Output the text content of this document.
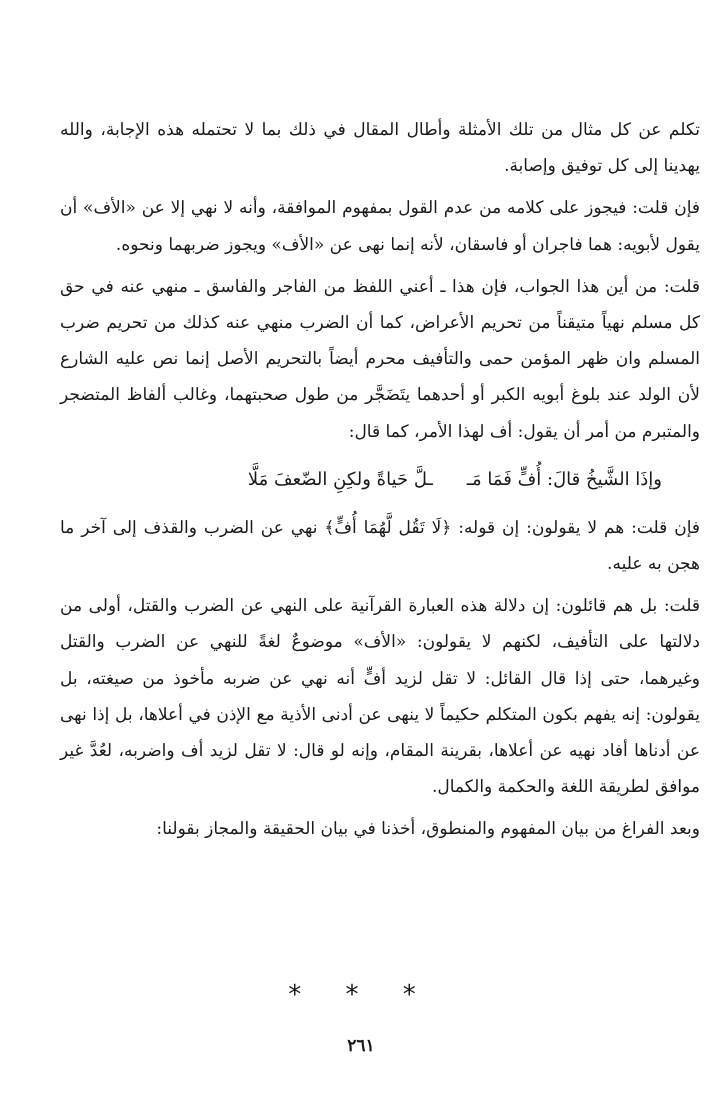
تكلم عن كل مثال من تلك الأمثلة وأطال المقال في ذلك بما لا تحتمله هذه الإجابة، والله يهدينا إلى كل توفيق وإصابة.

فإن قلت: فيجوز على كلامه من عدم القول بمفهوم الموافقة، وأنه لا نهي إلا عن «الأف» أن يقول لأبويه: هما فاجران أو فاسقان، لأنه إنما نهى عن «الأف» ويجوز ضربهما ونحوه.

قلت: من أين هذا الجواب، فإن هذا ـ أعني اللفظ من الفاجر والفاسق ـ منهي عنه في حق كل مسلم نهياً متيقناً من تحريم الأعراض، كما أن الضرب منهي عنه كذلك من تحريم ضرب المسلم وان ظهر المؤمن حمى والتأفيف محرم أيضاً بالتحريم الأصل إنما نص عليه الشارع لأن الولد عند بلوغ أبويه الكبر أو أحدهما يتَضَجَّر من طول صحبتهما، وغالب ألفاظ المتضجر والمتبرم من أمر أن يقول: أف لهذا الأمر، كما قال:

وإذَا الشَّيخُ قالَ: أُفٍّ فَمَا مَـ
ـلَّ حَياةً ولكِنِ الضّعفَ مَلَّا

فإن قلت: هم لا يقولون: إن قوله: ﴿لَا تَقُل لَّهُمَا أُفٍّ﴾ نهي عن الضرب والقذف إلى آخر ما هجن به عليه.

قلت: بل هم قائلون: إن دلالة هذه العبارة القرآنية على النهي عن الضرب والقتل، أولى من دلالتها على التأفيف، لكنهم لا يقولون: «الأف» موضوعٌ لغةً للنهي عن الضرب والقتل وغيرهما، حتى إذا قال القائل: لا تقل لزيد أفٍّ أنه نهي عن ضربه مأخوذ من صيغته، بل يقولون: إنه يفهم بكون المتكلم حكيماً لا ينهى عن أدنى الأذية مع الإذن في أعلاها، بل إذا نهى عن أدناها أفاد نهيه عن أعلاها، بقرينة المقام، وإنه لو قال: لا تقل لزيد أف واضربه، لعُدَّ غير موافق لطريقة اللغة والحكمة والكمال.

وبعد الفراغ من بيان المفهوم والمنطوق، أخذنا في بيان الحقيقة والمجاز بقولنا:

* * *
٢٦١
